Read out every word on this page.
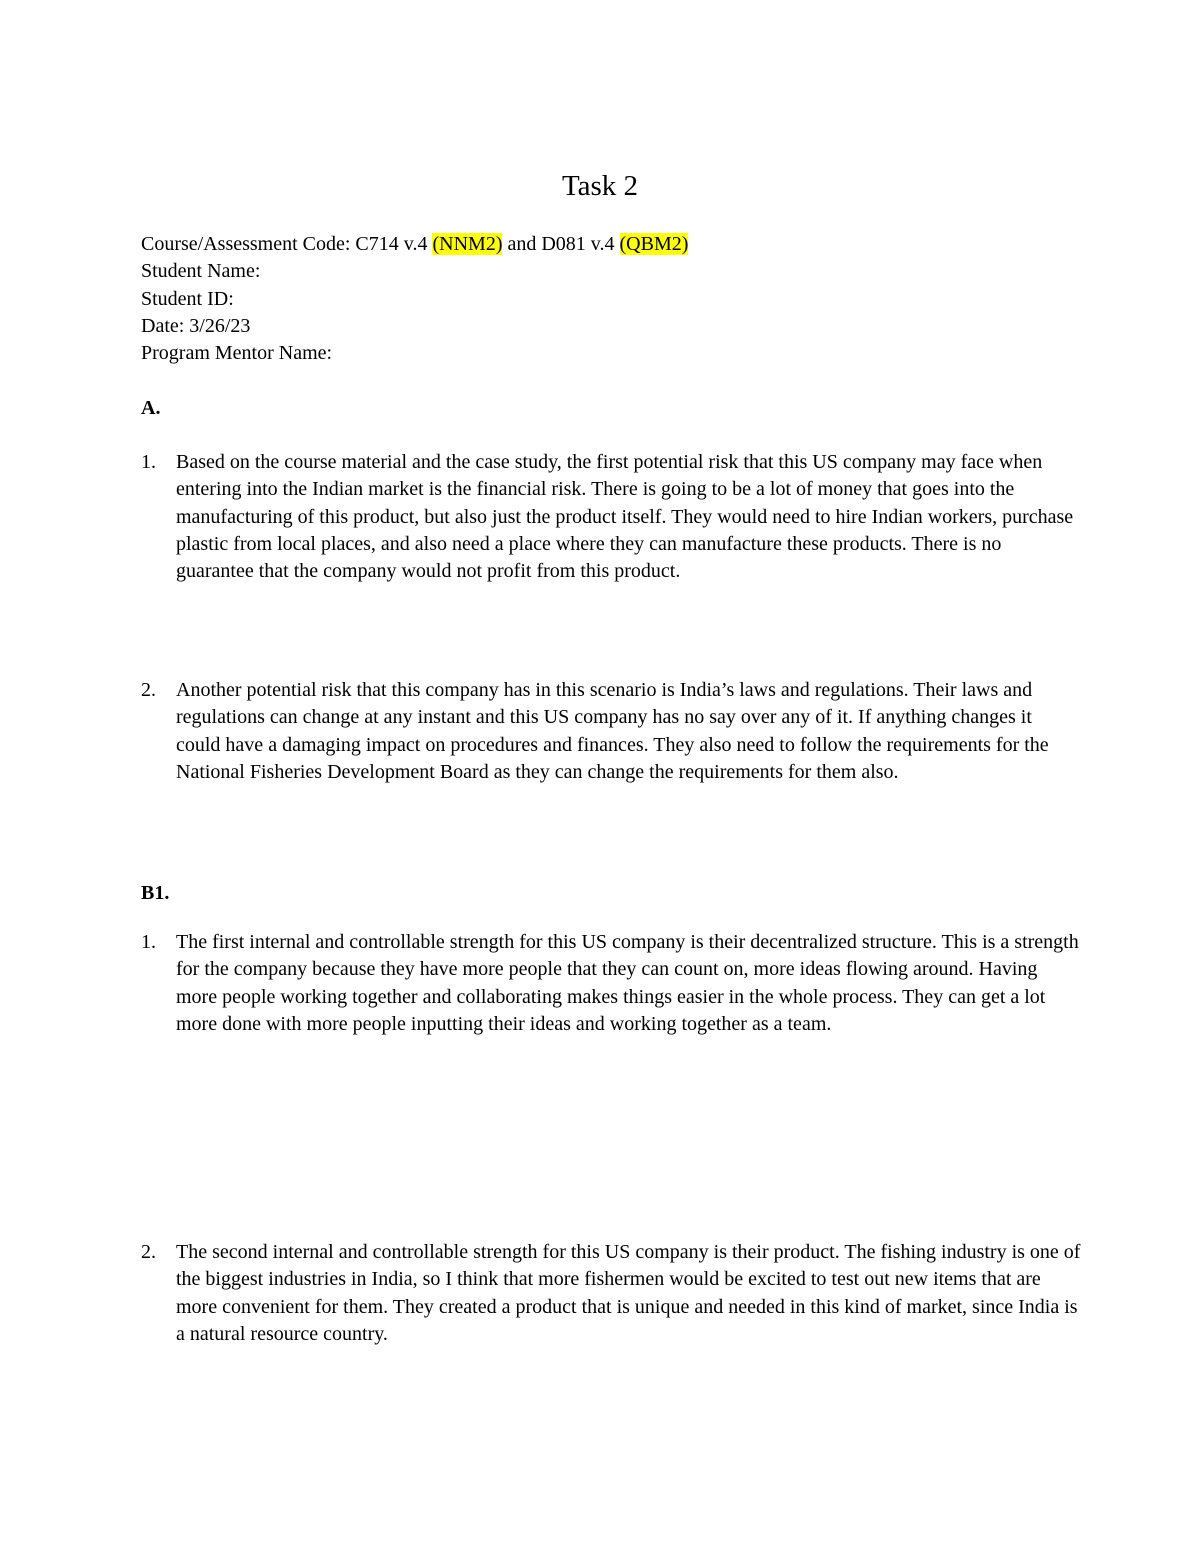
Task 2
Course/Assessment Code: C714 v.4 (NNM2) and D081 v.4 (QBM2)
Student Name:
Student ID:
Date: 3/26/23
Program Mentor Name:
A.
1.	Based on the course material and the case study, the first potential risk that this US company may face when entering into the Indian market is the financial risk. There is going to be a lot of money that goes into the manufacturing of this product, but also just the product itself. They would need to hire Indian workers, purchase plastic from local places, and also need a place where they can manufacture these products. There is no guarantee that the company would not profit from this product.
2.	Another potential risk that this company has in this scenario is India’s laws and regulations. Their laws and regulations can change at any instant and this US company has no say over any of it. If anything changes it could have a damaging impact on procedures and finances. They also need to follow the requirements for the National Fisheries Development Board as they can change the requirements for them also.
B1.
1.	The first internal and controllable strength for this US company is their decentralized structure. This is a strength for the company because they have more people that they can count on, more ideas flowing around. Having more people working together and collaborating makes things easier in the whole process. They can get a lot more done with more people inputting their ideas and working together as a team.
2.	The second internal and controllable strength for this US company is their product. The fishing industry is one of the biggest industries in India, so I think that more fishermen would be excited to test out new items that are more convenient for them. They created a product that is unique and needed in this kind of market, since India is a natural resource country.
